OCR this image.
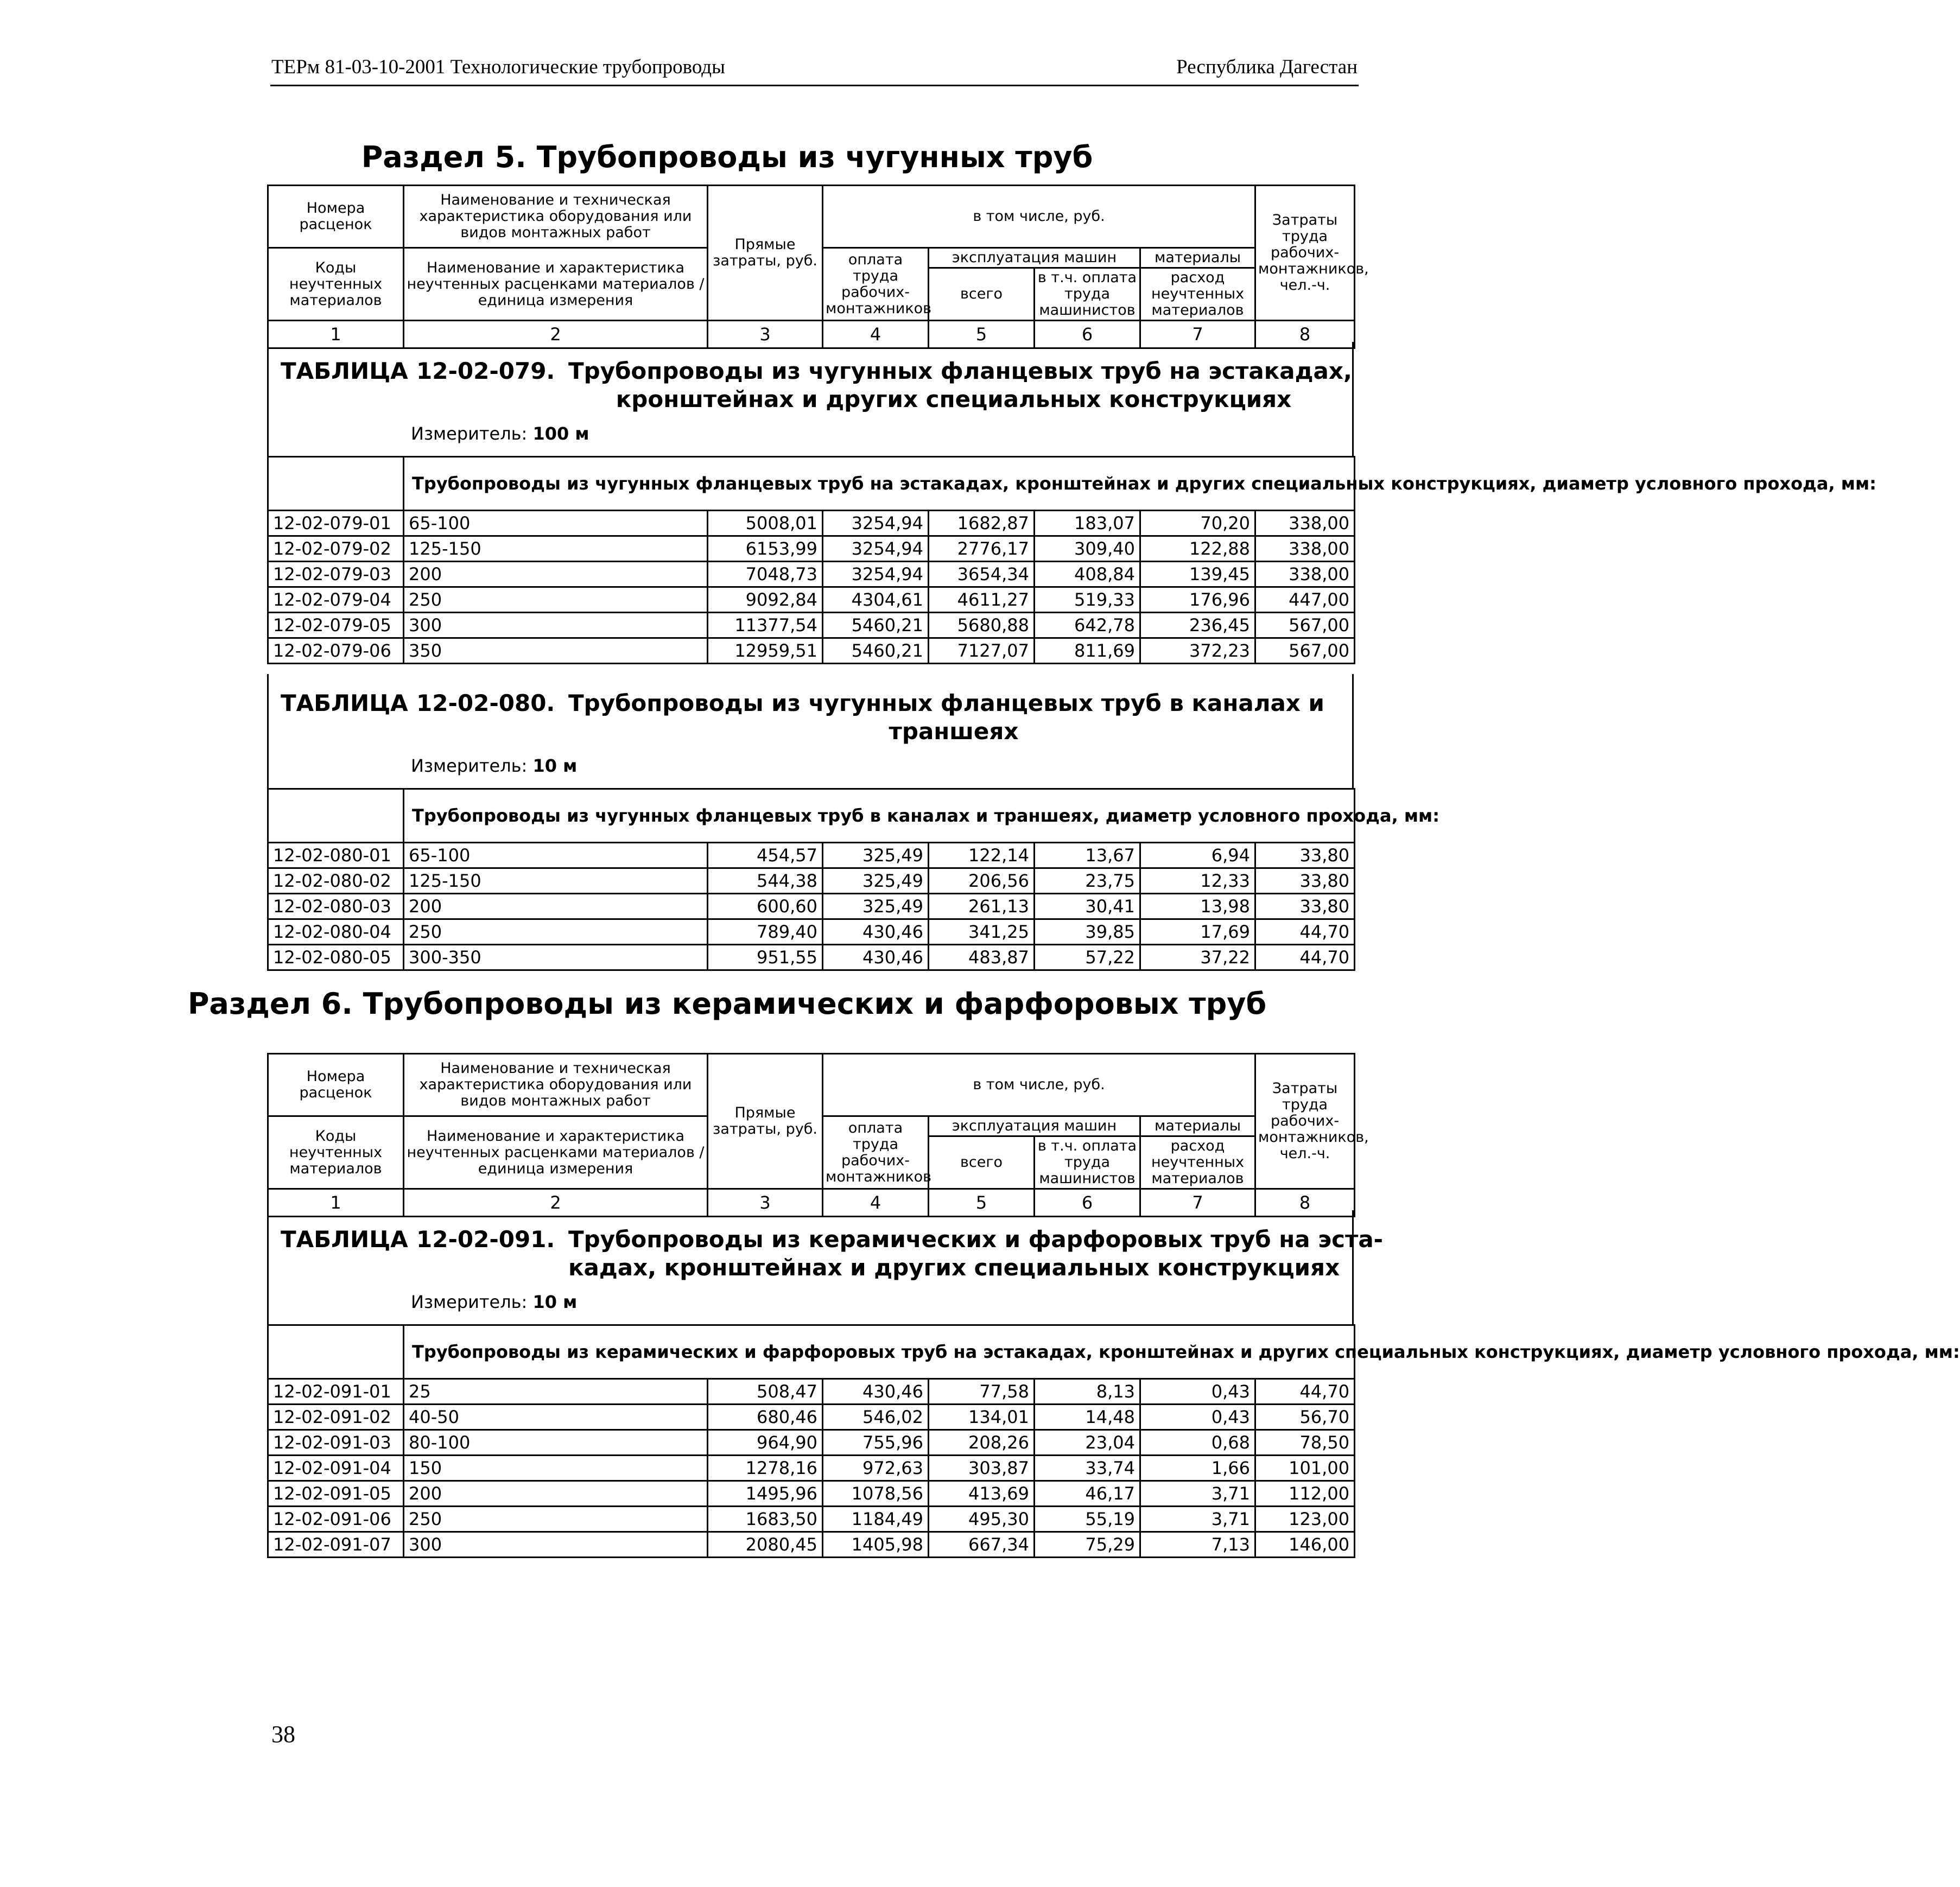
ТЕРм 81-03-10-2001 Технологические трубопроводы	Республика Дагестан
Раздел 5. Трубопроводы из чугунных труб
Номера расценок	Наименование и техническая характеристика оборудования или видов монтажных работ	Прямые затраты, руб.	в том числе, руб.				Затраты труда рабочих-монтажников, чел.-ч.
Коды неучтенных материалов	Наименование и характеристика неучтенных расценками материалов / единица измерения		оплата труда рабочих-монтажников	эксплуатация машин		материалы	
				всего	в т.ч. оплата труда машинистов	расход неучтенных материалов	
1	2	3	4	5	6	7	8
ТАБЛИЦА 12-02-079. Трубопроводы из чугунных фланцевых труб на эстакадах,
кронштейнах и других специальных конструкциях
Измеритель: 100 м
	Трубопроводы из чугунных фланцевых труб на эстакадах, кронштейнах и других специальных конструкциях, диаметр условного прохода, мм:						
12-02-079-01	65-100	5008,01	3254,94	1682,87	183,07	70,20	338,00
12-02-079-02	125-150	6153,99	3254,94	2776,17	309,40	122,88	338,00
12-02-079-03	200	7048,73	3254,94	3654,34	408,84	139,45	338,00
12-02-079-04	250	9092,84	4304,61	4611,27	519,33	176,96	447,00
12-02-079-05	300	11377,54	5460,21	5680,88	642,78	236,45	567,00
12-02-079-06	350	12959,51	5460,21	7127,07	811,69	372,23	567,00
ТАБЛИЦА 12-02-080. Трубопроводы из чугунных фланцевых труб в каналах и
траншеях
Измеритель: 10 м
	Трубопроводы из чугунных фланцевых труб в каналах и траншеях, диаметр условного прохода, мм:						
12-02-080-01	65-100	454,57	325,49	122,14	13,67	6,94	33,80
12-02-080-02	125-150	544,38	325,49	206,56	23,75	12,33	33,80
12-02-080-03	200	600,60	325,49	261,13	30,41	13,98	33,80
12-02-080-04	250	789,40	430,46	341,25	39,85	17,69	44,70
12-02-080-05	300-350	951,55	430,46	483,87	57,22	37,22	44,70
Раздел 6. Трубопроводы из керамических и фарфоровых труб
Номера расценок	Наименование и техническая характеристика оборудования или видов монтажных работ	Прямые затраты, руб.	в том числе, руб.				Затраты труда рабочих-монтажников, чел.-ч.
Коды неучтенных материалов	Наименование и характеристика неучтенных расценками материалов / единица измерения		оплата труда рабочих-монтажников	эксплуатация машин		материалы	
				всего	в т.ч. оплата труда машинистов	расход неучтенных материалов	
1	2	3	4	5	6	7	8
ТАБЛИЦА 12-02-091. Трубопроводы из керамических и фарфоровых труб на эста-
кадах, кронштейнах и других специальных конструкциях
Измеритель: 10 м
	Трубопроводы из керамических и фарфоровых труб на эстакадах, кронштейнах и других специальных конструкциях, диаметр условного прохода, мм:						
12-02-091-01	25	508,47	430,46	77,58	8,13	0,43	44,70
12-02-091-02	40-50	680,46	546,02	134,01	14,48	0,43	56,70
12-02-091-03	80-100	964,90	755,96	208,26	23,04	0,68	78,50
12-02-091-04	150	1278,16	972,63	303,87	33,74	1,66	101,00
12-02-091-05	200	1495,96	1078,56	413,69	46,17	3,71	112,00
12-02-091-06	250	1683,50	1184,49	495,30	55,19	3,71	123,00
12-02-091-07	300	2080,45	1405,98	667,34	75,29	7,13	146,00
38
